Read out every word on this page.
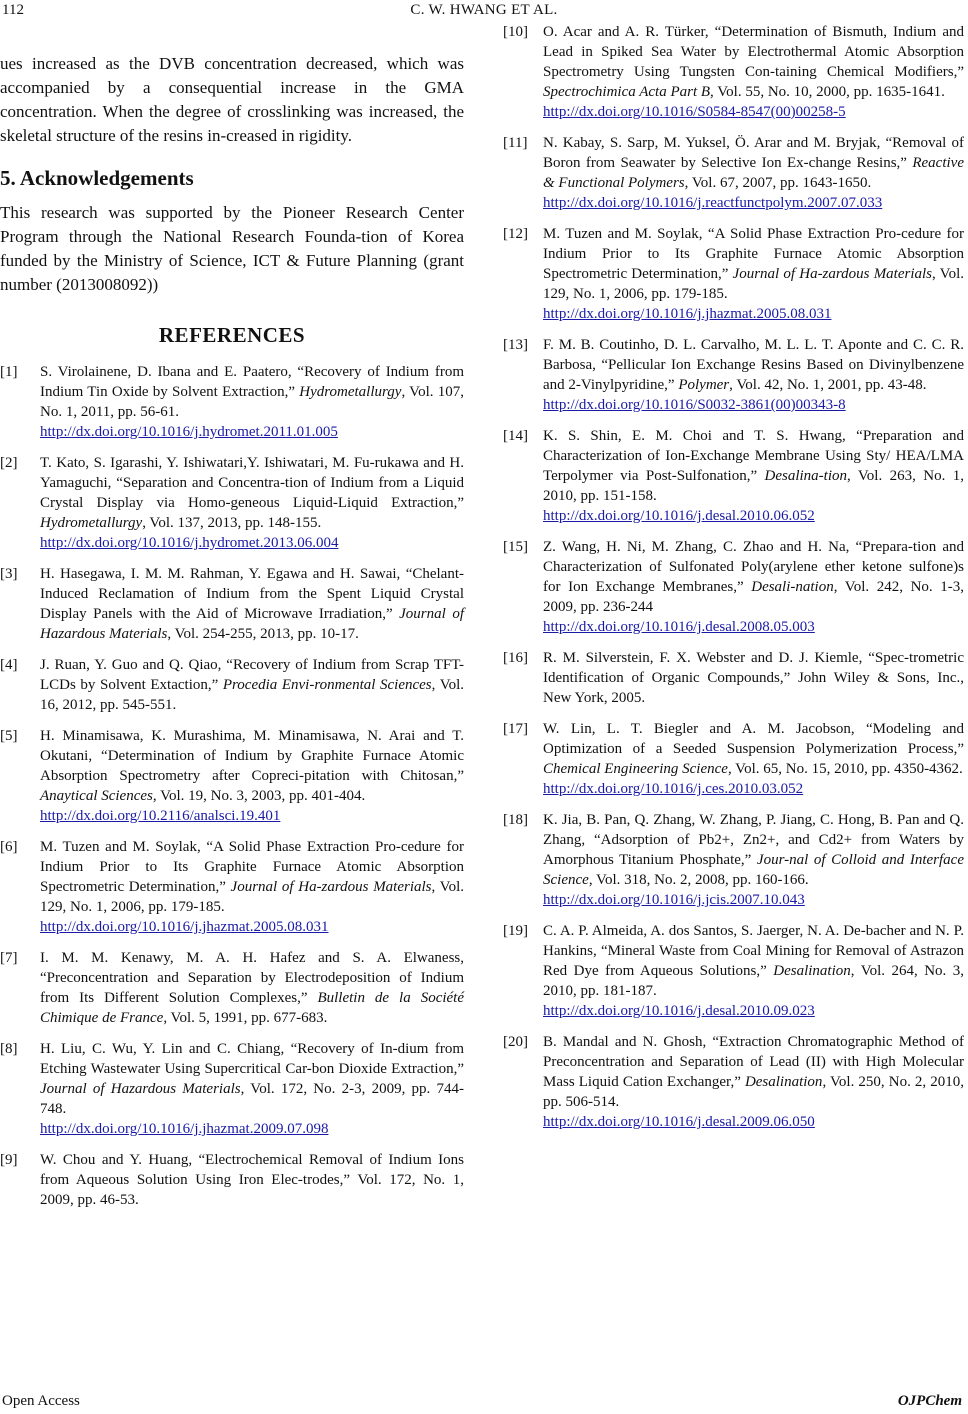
112	C. W. HWANG ET AL.

ues increased as the DVB concentration decreased, which was accompanied by a consequential increase in the GMA concentration. When the degree of crosslinking was increased, the skeletal structure of the resins in-creased in rigidity.

5. Acknowledgements

This research was supported by the Pioneer Research Center Program through the National Research Founda-tion of Korea funded by the Ministry of Science, ICT & Future Planning (grant number (2013008092))

REFERENCES
[1]	S. Virolainene, D. Ibana and E. Paatero, “Recovery of Indium from Indium Tin Oxide by Solvent Extraction,” Hydrometallurgy, Vol. 107, No. 1, 2011, pp. 56-61.
http://dx.doi.org/10.1016/j.hydromet.2011.01.005
[2]	T. Kato, S. Igarashi, Y. Ishiwatari,Y. Ishiwatari, M. Fu-rukawa and H. Yamaguchi, “Separation and Concentra-tion of Indium from a Liquid Crystal Display via Homo-geneous Liquid-Liquid Extraction,” Hydrometallurgy, Vol. 137, 2013, pp. 148-155.
http://dx.doi.org/10.1016/j.hydromet.2013.06.004
[3]	H. Hasegawa, I. M. M. Rahman, Y. Egawa and H. Sawai, “Chelant-Induced Reclamation of Indium from the Spent Liquid Crystal Display Panels with the Aid of Microwave Irradiation,” Journal of Hazardous Materials, Vol. 254-255, 2013, pp. 10-17.
[4]	J. Ruan, Y. Guo and Q. Qiao, “Recovery of Indium from Scrap TFT-LCDs by Solvent Extaction,” Procedia Envi-ronmental Sciences, Vol. 16, 2012, pp. 545-551.
[5]	H. Minamisawa, K. Murashima, M. Minamisawa, N. Arai and T. Okutani, “Determination of Indium by Graphite Furnace Atomic Absorption Spectrometry after Copreci-pitation with Chitosan,” Anaytical Sciences, Vol. 19, No. 3, 2003, pp. 401-404.
http://dx.doi.org/10.2116/analsci.19.401
[6]	M. Tuzen and M. Soylak, “A Solid Phase Extraction Pro-cedure for Indium Prior to Its Graphite Furnace Atomic Absorption Spectrometric Determination,” Journal of Ha-zardous Materials, Vol. 129, No. 1, 2006, pp. 179-185.
http://dx.doi.org/10.1016/j.jhazmat.2005.08.031
[7]	I. M. M. Kenawy, M. A. H. Hafez and S. A. Elwaness, “Preconcentration and Separation by Electrodeposition of Indium from Its Different Solution Complexes,” Bulletin de la Société Chimique de France, Vol. 5, 1991, pp. 677-683.
[8]	H. Liu, C. Wu, Y. Lin and C. Chiang, “Recovery of In-dium from Etching Wastewater Using Supercritical Car-bon Dioxide Extraction,” Journal of Hazardous Materials, Vol. 172, No. 2-3, 2009, pp. 744-748.
http://dx.doi.org/10.1016/j.jhazmat.2009.07.098
[9]	W. Chou and Y. Huang, “Electrochemical Removal of Indium Ions from Aqueous Solution Using Iron Elec-trodes,” Vol. 172, No. 1, 2009, pp. 46-53.
[10]	O. Acar and A. R. Türker, “Determination of Bismuth, Indium and Lead in Spiked Sea Water by Electrothermal Atomic Absorption Spectrometry Using Tungsten Con-taining Chemical Modifiers,” Spectrochimica Acta Part B, Vol. 55, No. 10, 2000, pp. 1635-1641.
http://dx.doi.org/10.1016/S0584-8547(00)00258-5
[11]	N. Kabay, S. Sarp, M. Yuksel, Ö. Arar and M. Bryjak, “Removal of Boron from Seawater by Selective Ion Ex-change Resins,” Reactive & Functional Polymers, Vol. 67, 2007, pp. 1643-1650.
http://dx.doi.org/10.1016/j.reactfunctpolym.2007.07.033
[12]	M. Tuzen and M. Soylak, “A Solid Phase Extraction Pro-cedure for Indium Prior to Its Graphite Furnace Atomic Absorption Spectrometric Determination,” Journal of Ha-zardous Materials, Vol. 129, No. 1, 2006, pp. 179-185.
http://dx.doi.org/10.1016/j.jhazmat.2005.08.031
[13]	F. M. B. Coutinho, D. L. Carvalho, M. L. L. T. Aponte and C. C. R. Barbosa, “Pellicular Ion Exchange Resins Based on Divinylbenzene and 2-Vinylpyridine,” Polymer, Vol. 42, No. 1, 2001, pp. 43-48.
http://dx.doi.org/10.1016/S0032-3861(00)00343-8
[14]	K. S. Shin, E. M. Choi and T. S. Hwang, “Preparation and Characterization of Ion-Exchange Membrane Using Sty/ HEA/LMA Terpolymer via Post-Sulfonation,” Desalina-tion, Vol. 263, No. 1, 2010, pp. 151-158.
http://dx.doi.org/10.1016/j.desal.2010.06.052
[15]	Z. Wang, H. Ni, M. Zhang, C. Zhao and H. Na, “Prepara-tion and Characterization of Sulfonated Poly(arylene ether ketone sulfone)s for Ion Exchange Membranes,” Desali-nation, Vol. 242, No. 1-3, 2009, pp. 236-244
http://dx.doi.org/10.1016/j.desal.2008.05.003
[16]	R. M. Silverstein, F. X. Webster and D. J. Kiemle, “Spec-trometric Identification of Organic Compounds,” John Wiley & Sons, Inc., New York, 2005.
[17]	W. Lin, L. T. Biegler and A. M. Jacobson, “Modeling and Optimization of a Seeded Suspension Polymerization Process,” Chemical Engineering Science, Vol. 65, No. 15, 2010, pp. 4350-4362.
http://dx.doi.org/10.1016/j.ces.2010.03.052
[18]	K. Jia, B. Pan, Q. Zhang, W. Zhang, P. Jiang, C. Hong, B. Pan and Q. Zhang, “Adsorption of Pb2+, Zn2+, and Cd2+ from Waters by Amorphous Titanium Phosphate,” Jour-nal of Colloid and Interface Science, Vol. 318, No. 2, 2008, pp. 160-166.
http://dx.doi.org/10.1016/j.jcis.2007.10.043
[19]	C. A. P. Almeida, A. dos Santos, S. Jaerger, N. A. De-bacher and N. P. Hankins, “Mineral Waste from Coal Mining for Removal of Astrazon Red Dye from Aqueous Solutions,” Desalination, Vol. 264, No. 3, 2010, pp. 181-187.
http://dx.doi.org/10.1016/j.desal.2010.09.023
[20]	B. Mandal and N. Ghosh, “Extraction Chromatographic Method of Preconcentration and Separation of Lead (II) with High Molecular Mass Liquid Cation Exchanger,” Desalination, Vol. 250, No. 2, 2010, pp. 506-514.
http://dx.doi.org/10.1016/j.desal.2009.06.050
Open Access	OJPChem
